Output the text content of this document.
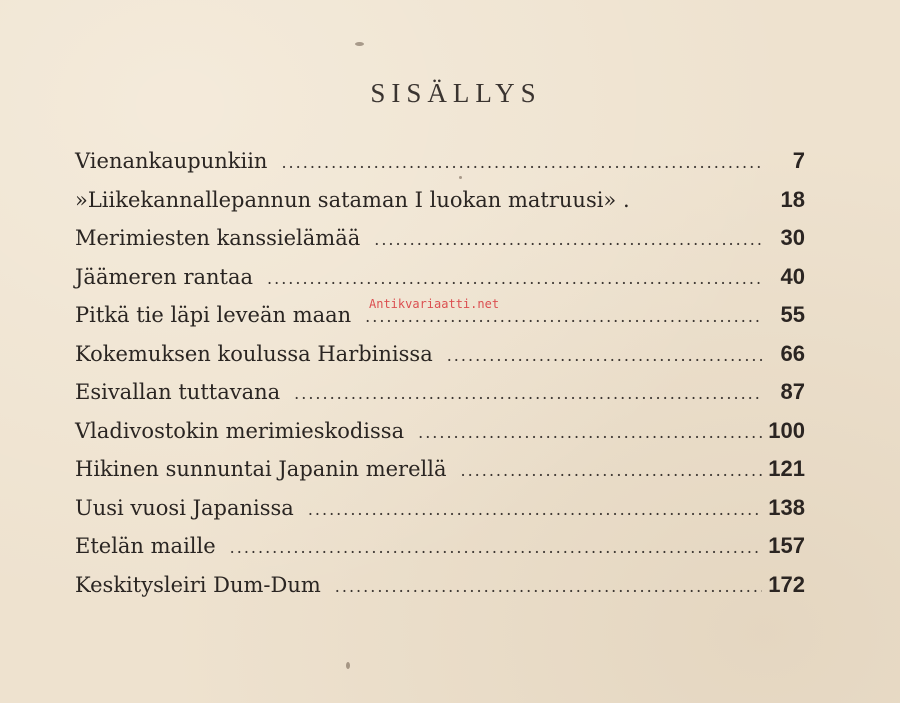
SISÄLLYS
Vienankaupunkiin .....	7
»Liikekannallepannun sataman I luokan matruusi» .	18
Merimiesten kanssielämää .....	30
Jäämeren rantaa .....	40
Pitkä tie läpi leveän maan .....	55
Kokemuksen koulussa Harbinissa .....	66
Esivallan tuttavana .....	87
Vladivostokin merimieskodissa .....	100
Hikinen sunnuntai Japanin merellä .....	121
Uusi vuosi Japanissa .....	138
Etelän maille .....	157
Keskitysleiri Dum-Dum .....	172
Antikvariaatti.net
